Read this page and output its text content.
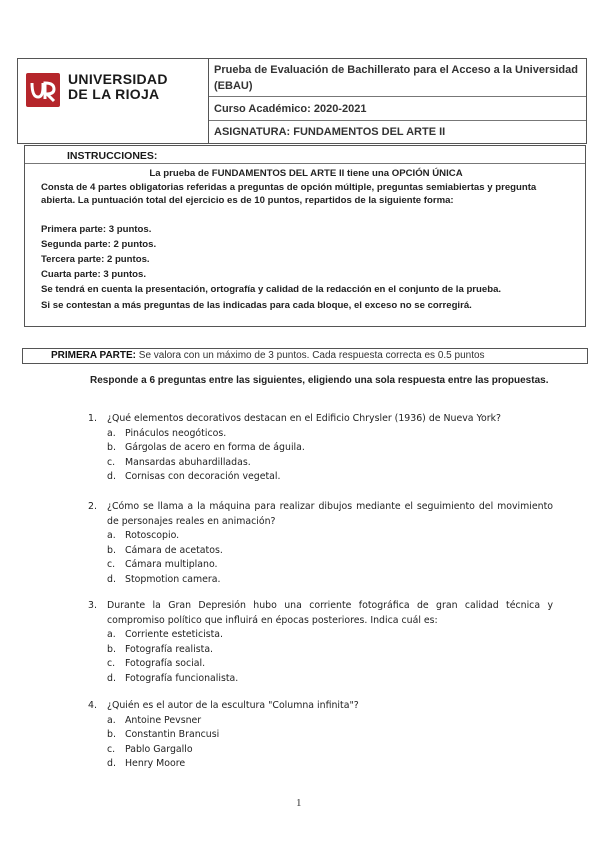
UNIVERSIDAD
DE LA RIOJA
Prueba de Evaluación de Bachillerato para el Acceso a la Universidad
(EBAU)
Curso Académico: 2020-2021
ASIGNATURA: FUNDAMENTOS DEL ARTE II
INSTRUCCIONES:
La prueba de FUNDAMENTOS DEL ARTE II tiene una OPCIÓN ÚNICA
Consta de 4 partes obligatorias referidas a preguntas de opción múltiple, preguntas semiabiertas y pregunta abierta. La puntuación total del ejercicio es de 10 puntos, repartidos de la siguiente forma:
Primera parte: 3 puntos.
Segunda parte: 2 puntos.
Tercera parte: 2 puntos.
Cuarta parte: 3 puntos.
Se tendrá en cuenta la presentación, ortografía y calidad de la redacción en el conjunto de la prueba.
Si se contestan a más preguntas de las indicadas para cada bloque, el exceso no se corregirá.
PRIMERA PARTE: Se valora con un máximo de 3 puntos. Cada respuesta correcta es 0.5 puntos
Responde a 6 preguntas entre las siguientes, eligiendo una sola respuesta entre las propuestas.
1. ¿Qué elementos decorativos destacan en el Edificio Chrysler (1936) de Nueva York?
a. Pináculos neogóticos.
b. Gárgolas de acero en forma de águila.
c. Mansardas abuhardilladas.
d. Cornisas con decoración vegetal.
2. ¿Cómo se llama a la máquina para realizar dibujos mediante el seguimiento del movimiento de personajes reales en animación?
a. Rotoscopio.
b. Cámara de acetatos.
c. Cámara multiplano.
d. Stopmotion camera.
3. Durante la Gran Depresión hubo una corriente fotográfica de gran calidad técnica y compromiso político que influirá en épocas posteriores. Indica cuál es:
a. Corriente esteticista.
b. Fotografía realista.
c. Fotografía social.
d. Fotografía funcionalista.
4. ¿Quién es el autor de la escultura "Columna infinita"?
a. Antoine Pevsner
b. Constantin Brancusi
c. Pablo Gargallo
d. Henry Moore
1
